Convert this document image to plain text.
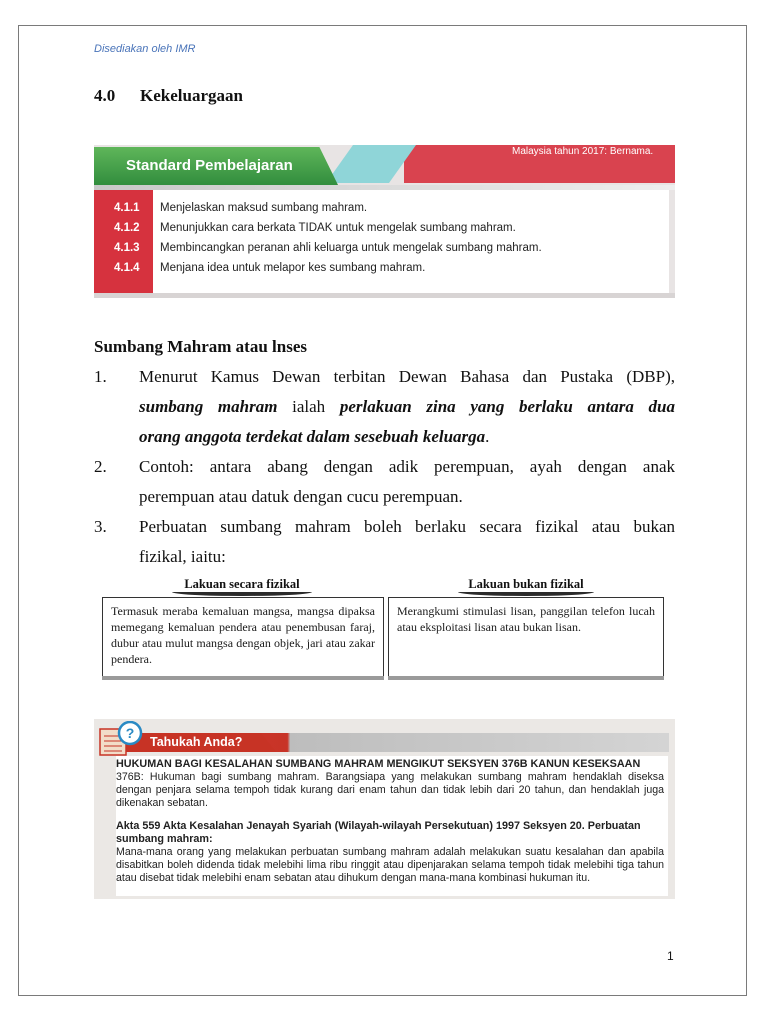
Disediakan oleh IMR
4.0 Kekeluargaan
Malaysia tahun 2017: Bernama.
Standard Pembelajaran
4.1.1	Menjelaskan maksud sumbang mahram.
4.1.2	Menunjukkan cara berkata TIDAK untuk mengelak sumbang mahram.
4.1.3	Membincangkan peranan ahli keluarga untuk mengelak sumbang mahram.
4.1.4	Menjana idea untuk melapor kes sumbang mahram.
Sumbang Mahram atau lnses
1. Menurut Kamus Dewan terbitan Dewan Bahasa dan Pustaka (DBP),
sumbang mahram ialah perlakuan zina yang berlaku antara dua
orang anggota terdekat dalam sesebuah keluarga.
2. Contoh: antara abang dengan adik perempuan, ayah dengan anak
perempuan atau datuk dengan cucu perempuan.
3. Perbuatan sumbang mahram boleh berlaku secara fizikal atau bukan
fizikal, iaitu:
Lakuan secara fizikal
Termasuk meraba kemaluan mangsa, mangsa dipaksa memegang kemaluan pendera atau penembusan faraj, dubur atau mulut mangsa dengan objek, jari atau zakar pendera.
Lakuan bukan fizikal
Merangkumi stimulasi lisan, panggilan telefon lucah atau eksploitasi lisan atau bukan lisan.
Tahukah Anda?
?
HUKUMAN BAGI KESALAHAN SUMBANG MAHRAM MENGIKUT SEKSYEN 376B KANUN KESEKSAAN
376B: Hukuman bagi sumbang mahram. Barangsiapa yang melakukan sumbang mahram hendaklah diseksa dengan penjara selama tempoh tidak kurang dari enam tahun dan tidak lebih dari 20 tahun, dan hendaklah juga dikenakan sebatan.
Akta 559 Akta Kesalahan Jenayah Syariah (Wilayah-wilayah Persekutuan) 1997 Seksyen 20. Perbuatan sumbang mahram:
Mana-mana orang yang melakukan perbuatan sumbang mahram adalah melakukan suatu kesalahan dan apabila disabitkan boleh didenda tidak melebihi lima ribu ringgit atau dipenjarakan selama tempoh tidak melebihi tiga tahun atau disebat tidak melebihi enam sebatan atau dihukum dengan mana-mana kombinasi hukuman itu.
1
